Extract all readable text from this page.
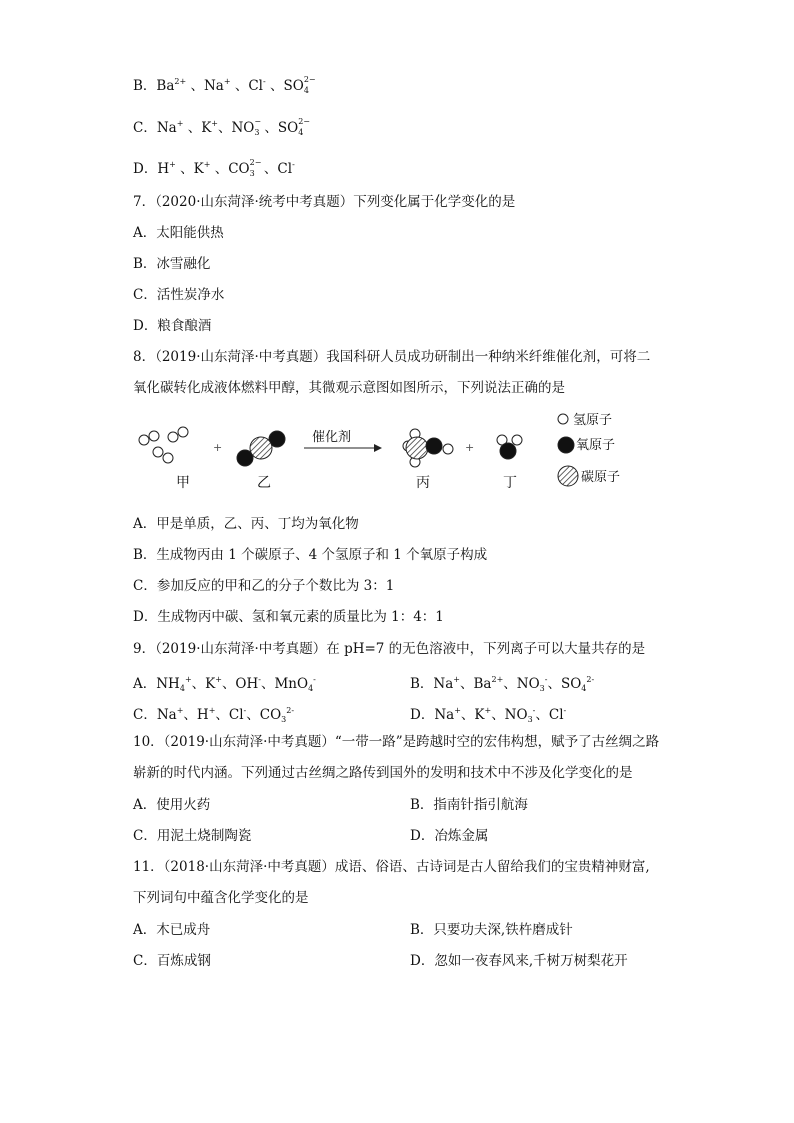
B．$Ba^{2+}$ 、Na+ 、Cl- 、SO 2−
4
C．Na+ 、K+、NO −
3 、SO 2−
4
D．H+ 、K+ 、CO 2−
3 、Cl-
7．（2020·山东菏泽·统考中考真题）下列变化属于化学变化的是
A．太阳能供热
B．冰雪融化
C．活性炭净水
D．粮食酿酒
8．（2019·山东菏泽·中考真题）我国科研人员成功研制出一种纳米纤维催化剂，可将二
氧化碳转化成液体燃料甲醇，其微观示意图如图所示，下列说法正确的是
+
催化剂
+
甲	乙	丙	丁
氢原子
氧原子
碳原子
A．甲是单质，乙、丙、丁均为氧化物
B．生成物丙由 1 个碳原子、4 个氢原子和 1 个氧原子构成
C．参加反应的甲和乙的分子个数比为 3：1
D．生成物丙中碳、氢和氧元素的质量比为 1：4：1
9．（2019·山东菏泽·中考真题）在 pH=7 的无色溶液中，下列离子可以大量共存的是
A．$NH_4^+$、K+、OH-、MnO$_4$-	B．Na+、$Ba^{2+}$、$NO_3^-$、$SO_4^{2-}$
C．Na+、H+、Cl-、$CO_3^{2-}$	D．Na+、K+、$NO_3^-$、Cl-
10．（2019·山东菏泽·中考真题）“一带一路”是跨越时空的宏伟构想，赋予了古丝绸之路
崭新的时代内涵。下列通过古丝绸之路传到国外的发明和技术中不涉及化学变化的是
A．使用火药	B．指南针指引航海
C．用泥土烧制陶瓷	D．冶炼金属
11．（2018·山东菏泽·中考真题）成语、俗语、古诗词是古人留给我们的宝贵精神财富,
下列词句中蕴含化学变化的是
A．木已成舟	B．只要功夫深,铁杵磨成针
C．百炼成钢	D．忽如一夜春风来,千树万树梨花开
